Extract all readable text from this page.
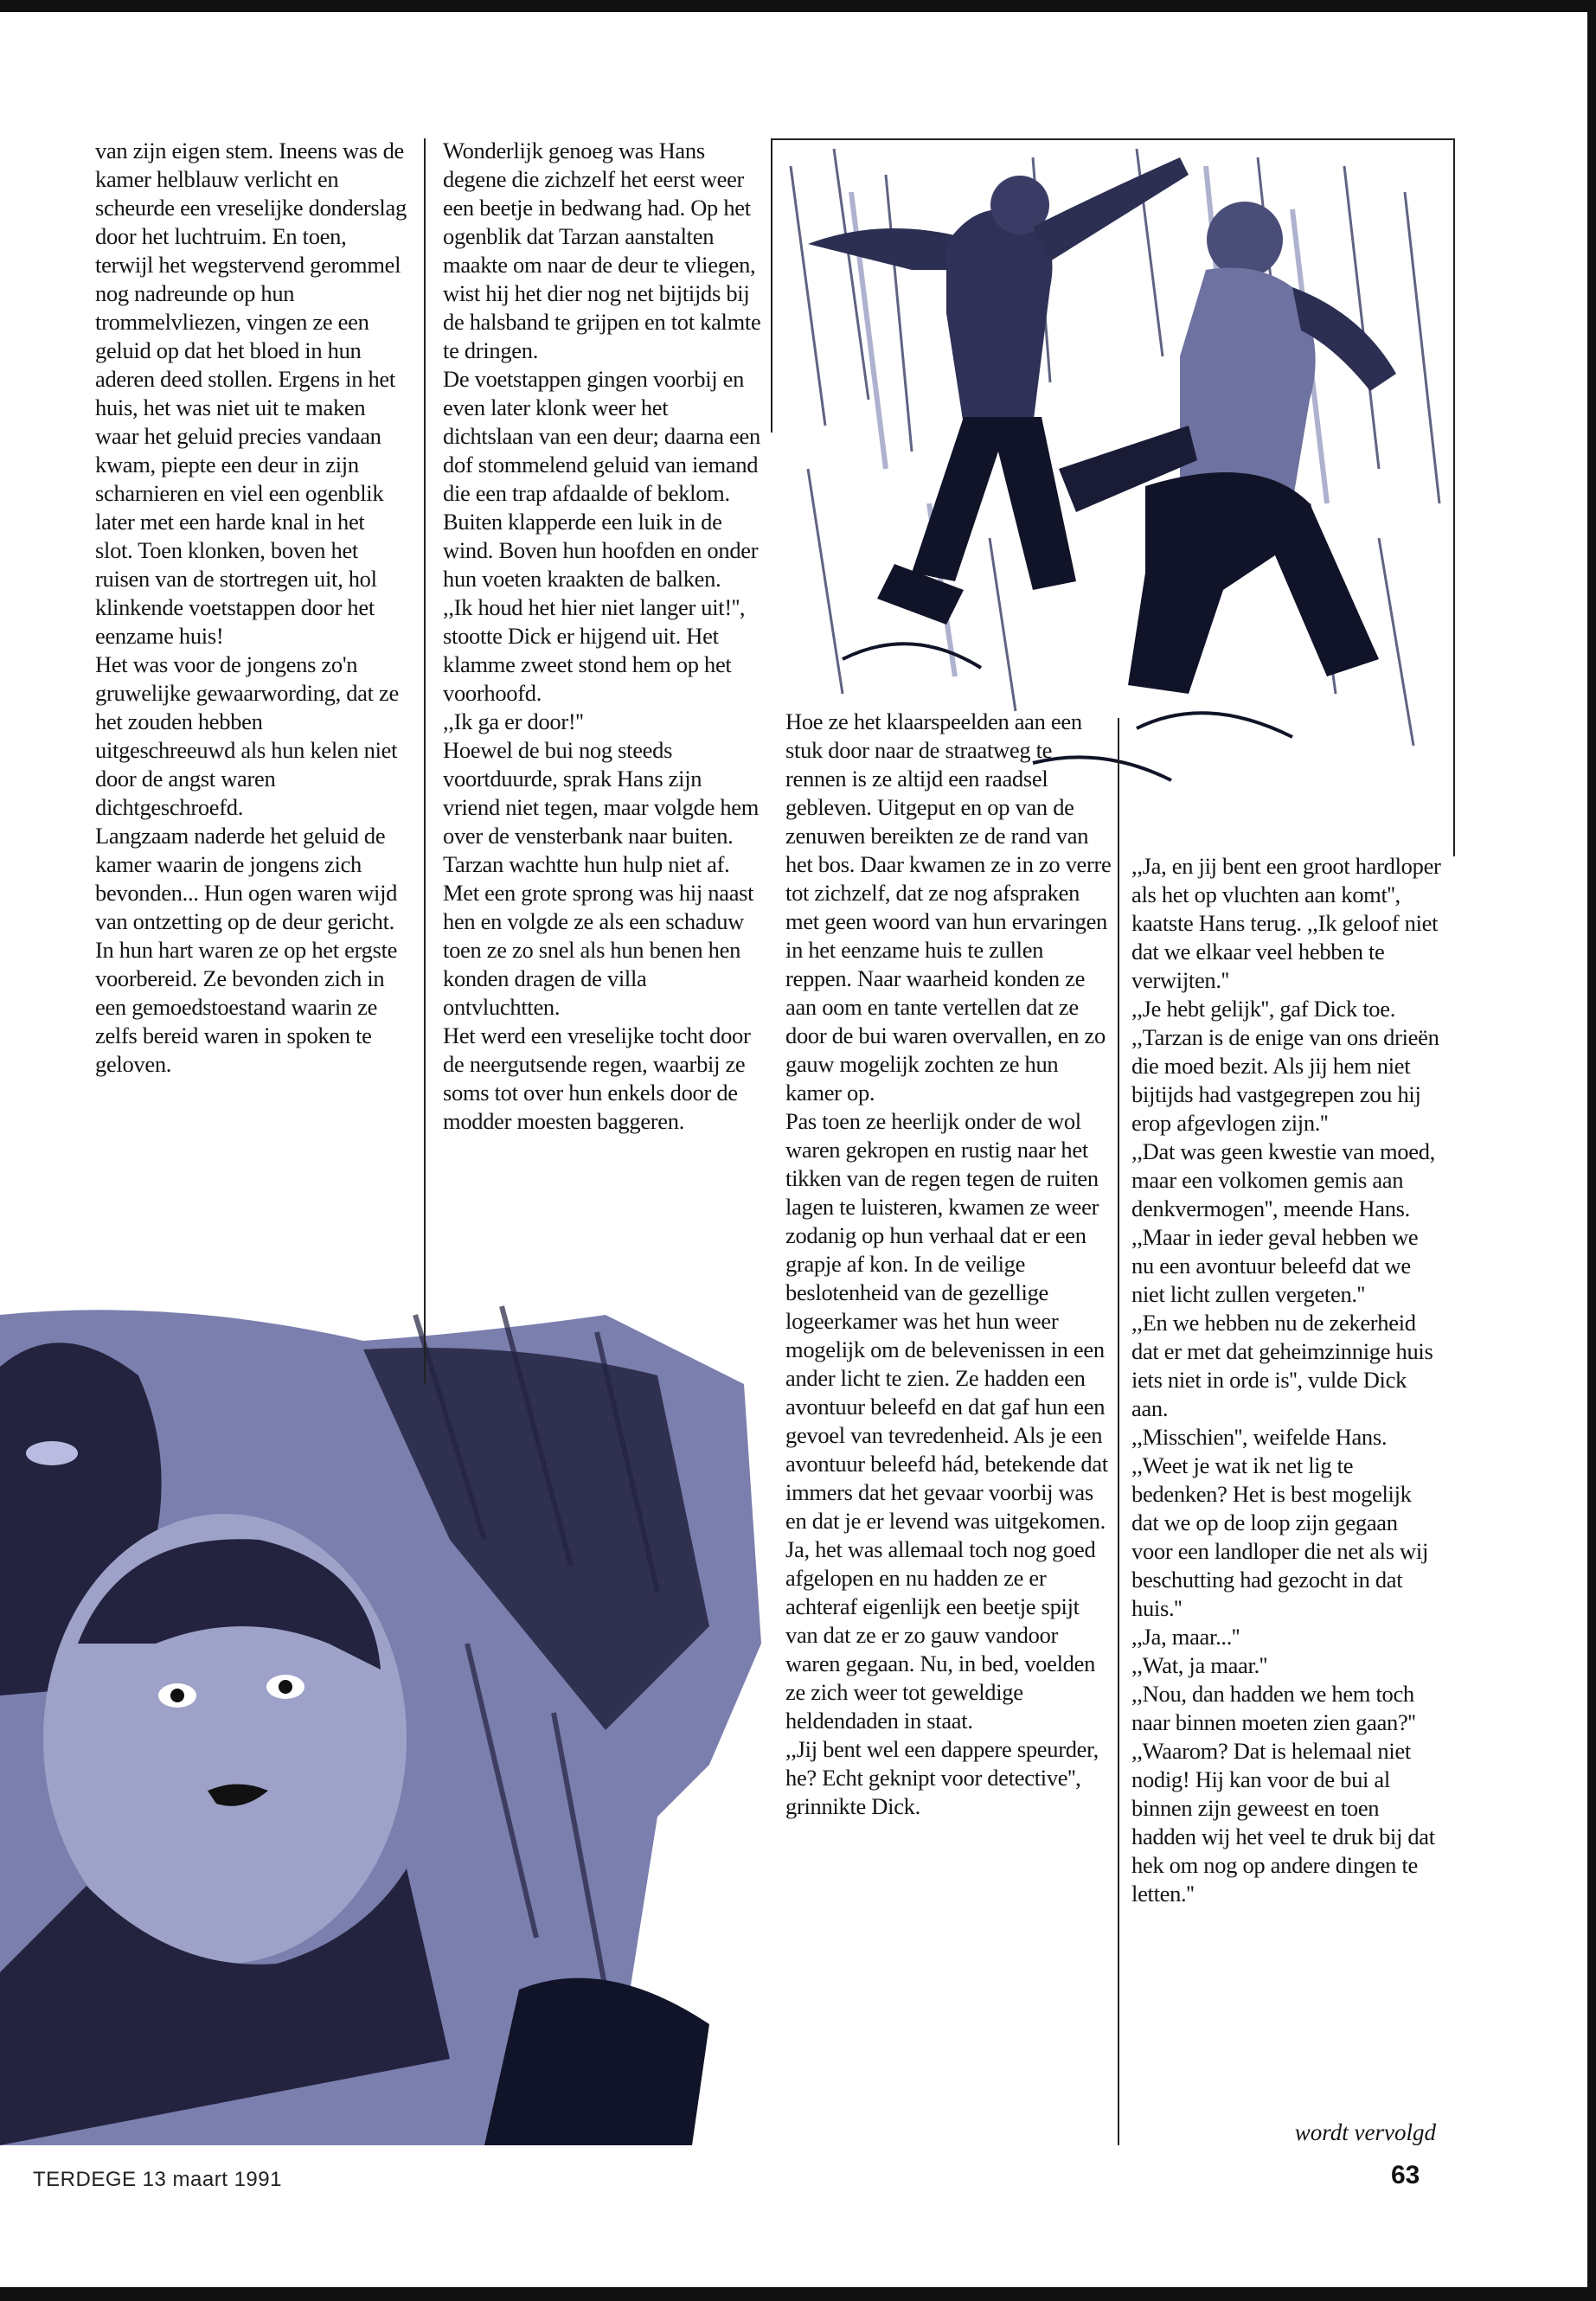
van zijn eigen stem. Ineens was de kamer helblauw verlicht en scheurde een vreselijke donderslag door het luchtruim. En toen, terwijl het wegstervend gerommel nog nadreunde op hun trommelvliezen, vingen ze een geluid op dat het bloed in hun aderen deed stollen. Ergens in het huis, het was niet uit te maken waar het geluid precies vandaan kwam, piepte een deur in zijn scharnieren en viel een ogenblik later met een harde knal in het slot. Toen klonken, boven het ruisen van de stortregen uit, hol klinkende voetstappen door het eenzame huis!

Het was voor de jongens zo'n gruwelijke gewaarwording, dat ze het zouden hebben uitgeschreeuwd als hun kelen niet door de angst waren dichtgeschroefd.

Langzaam naderde het geluid de kamer waarin de jongens zich bevonden... Hun ogen waren wijd van ontzetting op de deur gericht. In hun hart waren ze op het ergste voorbereid. Ze bevonden zich in een gemoedstoestand waarin ze zelfs bereid waren in spoken te geloven.

Wonderlijk genoeg was Hans degene die zichzelf het eerst weer een beetje in bedwang had. Op het ogenblik dat Tarzan aanstalten maakte om naar de deur te vliegen, wist hij het dier nog net bijtijds bij de halsband te grijpen en tot kalmte te dringen.

De voetstappen gingen voorbij en even later klonk weer het dichtslaan van een deur; daarna een dof stommelend geluid van iemand die een trap afdaalde of beklom.

Buiten klapperde een luik in de wind. Boven hun hoofden en onder hun voeten kraakten de balken.

,,Ik houd het hier niet langer uit!'', stootte Dick er hijgend uit. Het klamme zweet stond hem op het voorhoofd.

,,Ik ga er door!''

Hoewel de bui nog steeds voortduurde, sprak Hans zijn vriend niet tegen, maar volgde hem over de vensterbank naar buiten. Tarzan wachtte hun hulp niet af. Met een grote sprong was hij naast hen en volgde ze als een schaduw toen ze zo snel als hun benen hen konden dragen de villa ontvluchtten.

Het werd een vreselijke tocht door de neergutsende regen, waarbij ze soms tot over hun enkels door de modder moesten baggeren.

Hoe ze het klaarspeelden aan een stuk door naar de straatweg te rennen is ze altijd een raadsel gebleven. Uitgeput en op van de zenuwen bereikten ze de rand van het bos. Daar kwamen ze in zo verre tot zichzelf, dat ze nog afspraken met geen woord van hun ervaringen in het eenzame huis te zullen reppen. Naar waarheid konden ze aan oom en tante vertellen dat ze door de bui waren overvallen, en zo gauw mogelijk zochten ze hun kamer op.

Pas toen ze heerlijk onder de wol waren gekropen en rustig naar het tikken van de regen tegen de ruiten lagen te luisteren, kwamen ze weer zodanig op hun verhaal dat er een grapje af kon. In de veilige beslotenheid van de gezellige logeerkamer was het hun weer mogelijk om de belevenissen in een ander licht te zien. Ze hadden een avontuur beleefd en dat gaf hun een gevoel van tevredenheid. Als je een avontuur beleefd hád, betekende dat immers dat het gevaar voorbij was en dat je er levend was uitgekomen. Ja, het was allemaal toch nog goed afgelopen en nu hadden ze er achteraf eigenlijk een beetje spijt van dat ze er zo gauw vandoor waren gegaan. Nu, in bed, voelden ze zich weer tot geweldige heldendaden in staat.

,,Jij bent wel een dappere speurder, he? Echt geknipt voor detective'', grinnikte Dick.

,,Ja, en jij bent een groot hardloper als het op vluchten aan komt'', kaatste Hans terug. ,,Ik geloof niet dat we elkaar veel hebben te verwijten.''

,,Je hebt gelijk'', gaf Dick toe. ,,Tarzan is de enige van ons drieën die moed bezit. Als jij hem niet bijtijds had vastgegrepen zou hij erop afgevlogen zijn.''

,,Dat was geen kwestie van moed, maar een volkomen gemis aan denkvermogen'', meende Hans.

,,Maar in ieder geval hebben we nu een avontuur beleefd dat we niet licht zullen vergeten.''

,,En we hebben nu de zekerheid dat er met dat geheimzinnige huis iets niet in orde is'', vulde Dick aan.

,,Misschien'', weifelde Hans. ,,Weet je wat ik net lig te bedenken? Het is best mogelijk dat we op de loop zijn gegaan voor een landloper die net als wij beschutting had gezocht in dat huis.''

,,Ja, maar...''

,,Wat, ja maar.''

,,Nou, dan hadden we hem toch naar binnen moeten zien gaan?''

,,Waarom? Dat is helemaal niet nodig! Hij kan voor de bui al binnen zijn geweest en toen hadden wij het veel te druk bij dat hek om nog op andere dingen te letten.''

wordt vervolgd
TERDEGE 13 maart 1991	63
